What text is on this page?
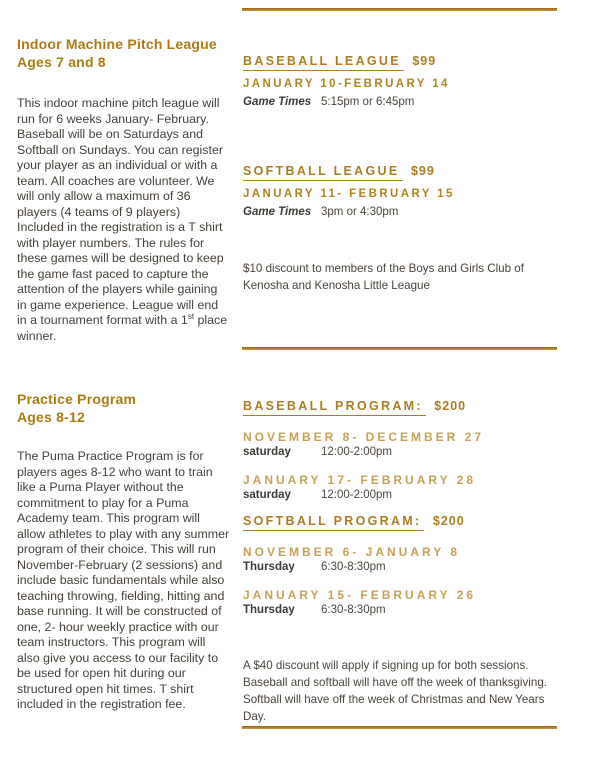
Indoor Machine Pitch League
Ages 7 and 8

This indoor machine pitch league will run for 6 weeks January- February. Baseball will be on Saturdays and Softball on Sundays. You can register your player as an individual or with a team. All coaches are volunteer. We will only allow a maximum of 36 players (4 teams of 9 players) Included in the registration is a T shirt with player numbers. The rules for these games will be designed to keep the game fast paced to capture the attention of the players while gaining in game experience. League will end in a tournament format with a 1st place winner.

BASEBALL LEAGUE $99
JANUARY 10-FEBRUARY 14
Game Times 5:15pm or 6:45pm
SOFTBALL LEAGUE $99
JANUARY 11- FEBRUARY 15
Game Times 3pm or 4:30pm

$10 discount to members of the Boys and Girls Club of Kenosha and Kenosha Little League

Practice Program
Ages 8-12

The Puma Practice Program is for players ages 8-12 who want to train like a Puma Player without the commitment to play for a Puma Academy team. This program will allow athletes to play with any summer program of their choice. This will run November-February (2 sessions) and include basic fundamentals while also teaching throwing, fielding, hitting and base running. It will be constructed of one, 2- hour weekly practice with our team instructors. This program will also give you access to our facility to be used for open hit during our structured open hit times. T shirt included in the registration fee.

BASEBALL PROGRAM: $200
NOVEMBER 8- DECEMBER 27
saturday	12:00-2:00pm
JANUARY 17- FEBRUARY 28
saturday	12:00-2:00pm
SOFTBALL PROGRAM: $200
NOVEMBER 6- JANUARY 8
Thursday	6:30-8:30pm
JANUARY 15- FEBRUARY 26
Thursday	6:30-8:30pm

A $40 discount will apply if signing up for both sessions. Baseball and softball will have off the week of thanksgiving. Softball will have off the week of Christmas and New Years Day.
